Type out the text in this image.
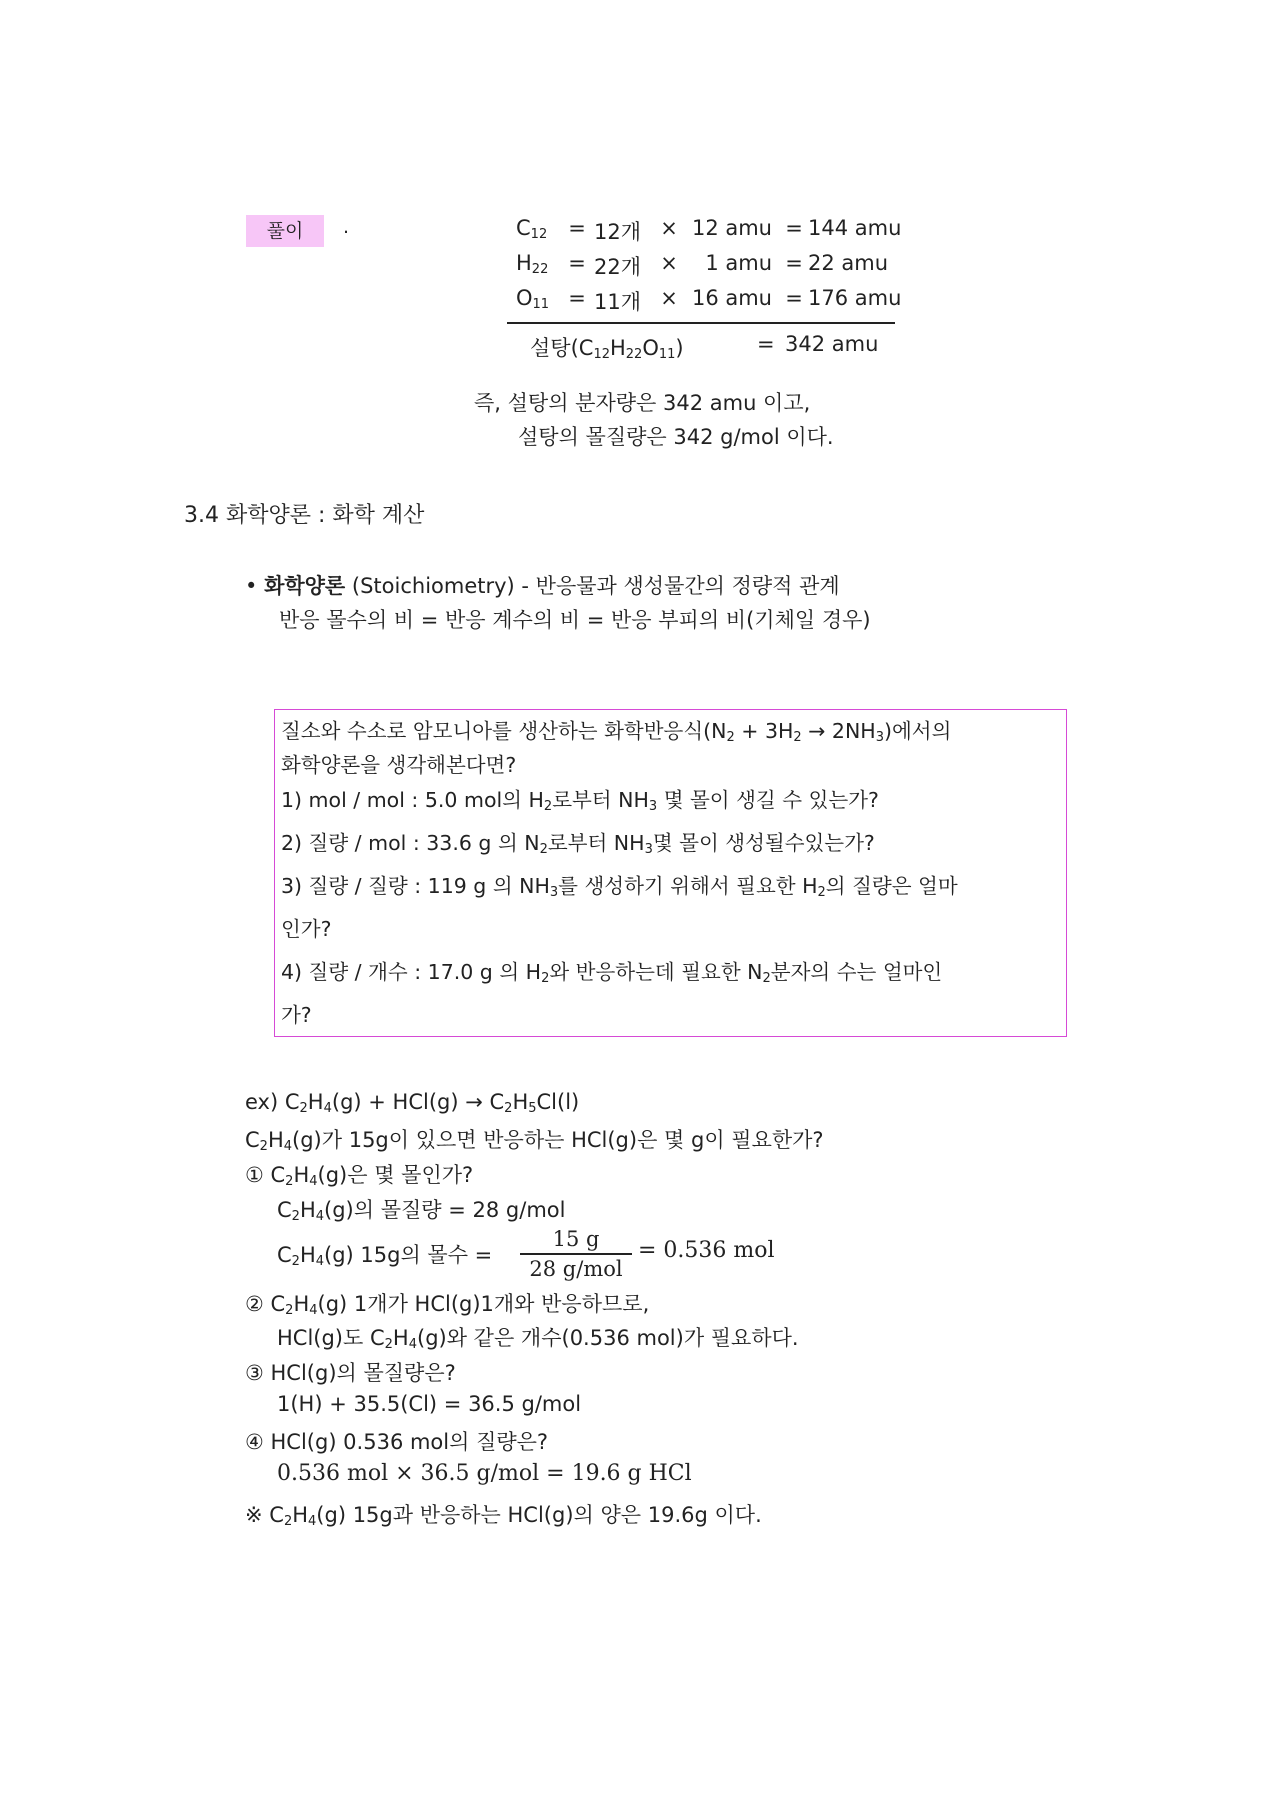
풀이	.	$C_{12} = 12$개 × 12 amu = 144 amu
$H_{22} = 22$개 ×	1 amu = 22 amu
$O_{11} = 11$개 × 16 amu = 176 amu
설탕$(C_{12}H_{22}O_{11})$	= 342 amu
즉, 설탕의 분자량은 342 amu 이고,
설탕의 몰질량은 342 g/mol 이다.
3.4 화학양론 : 화학 계산
• 화학양론 (Stoichiometry) - 반응물과 생성물간의 정량적 관계
반응 몰수의 비 = 반응 계수의 비 = 반응 부피의 비(기체일 경우)
질소와 수소로 암모니아를 생산하는 화학반응식$(N_2 + 3H_2 \to 2NH_3)$에서의
화학양론을 생각해본다면?
1) mol / mol : 5.0 mol의 $H_2$로부터 $NH_3$ 몇 몰이 생길 수 있는가?
2) 질량 / mol : 33.6 g 의 $N_2$로부터 $NH_3$몇 몰이 생성될수있는가?
3) 질량 / 질량 : 119 g 의 $NH_3$를 생성하기 위해서 필요한 $H_2$의 질량은 얼마
인가?
4) 질량 / 개수 : 17.0 g 의 $H_2$와 반응하는데 필요한 $N_2$분자의 수는 얼마인
가?
ex) $C_2H_4(g) + HCl(g) \to C_2H_5Cl(l)$
$C_2H_4(g)$가 15g이 있으면 반응하는 HCl(g)은 몇 g이 필요한가?
① $C_2H_4(g)$은 몇 몰인가?
$C_2H_4(g)$의 몰질량 = 28 g/mol
$C_2H_4(g)$ 15g의 몰수 =
15 g
28 g/mol
= 0.536 mol
② $C_2H_4(g)$ 1개가 HCl(g)1개와 반응하므로,
HCl(g)도 $C_2H_4(g)$와 같은 개수(0.536 mol)가 필요하다.
③ HCl(g)의 몰질량은?
1(H) + 35.5(Cl) = 36.5 g/mol
④ HCl(g) 0.536 mol의 질량은?
0.536 mol × 36.5 g/mol = 19.6 g HCl
※ $C_2H_4(g)$ 15g과 반응하는 HCl(g)의 양은 19.6g 이다.
